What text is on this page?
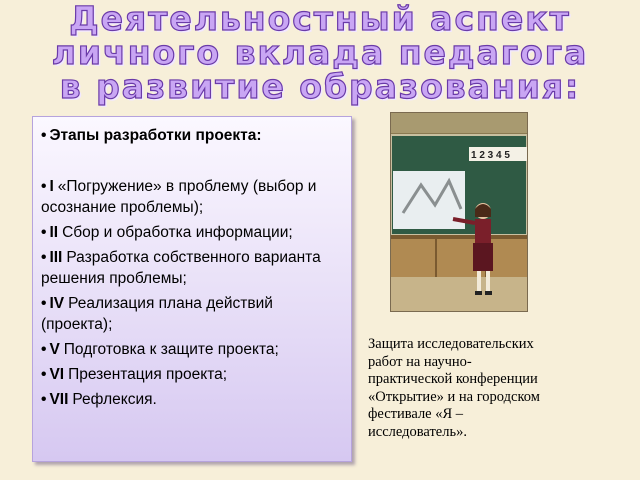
Деятельностный аспект
личного вклада педагога
в развитие образования:
• Этапы разработки проекта:
• I «Погружение» в проблему (выбор и осознание проблемы);
• II Сбор и обработка информации;
• III Разработка собственного варианта решения проблемы;
• IV Реализация плана действий (проекта);
• V Подготовка к защите проекта;
• VI Презентация проекта;
• VII Рефлексия.
1 2 3 4 5
Защита исследовательских
работ на научно-
практической конференции
«Открытие» и на городском
фестивале «Я –
исследователь».
